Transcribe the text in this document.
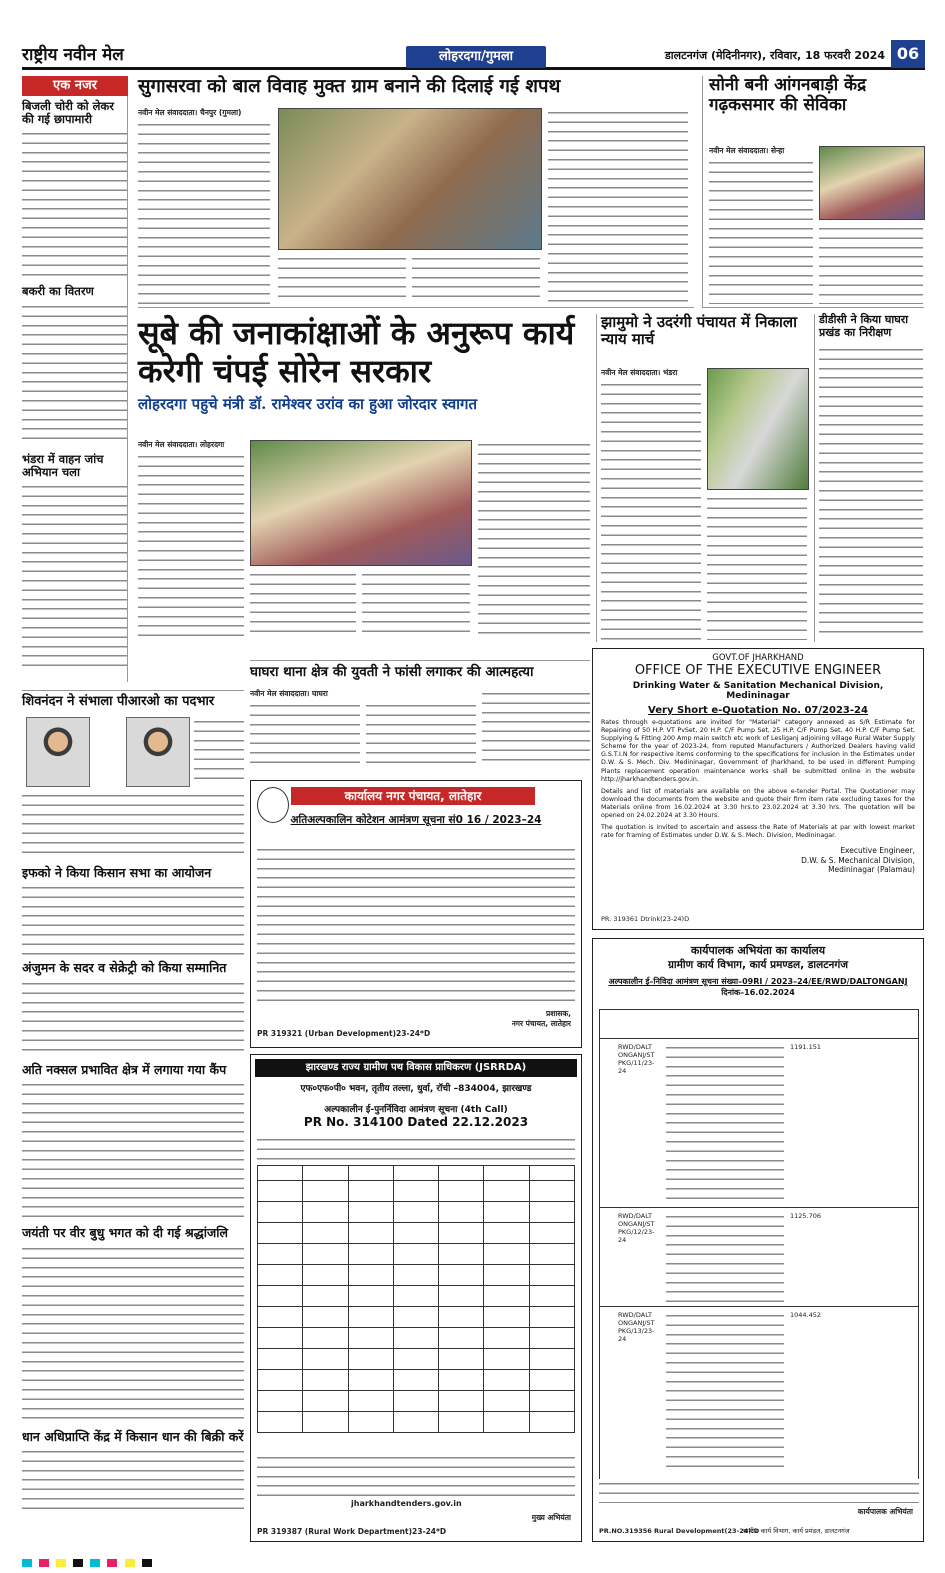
राष्ट्रीय नवीन मेल	लोहरदगा/गुमला	डालटनगंज (मेदिनीनगर), रविवार, 18 फरवरी 2024 06
एक नजर
बिजली चोरी को लेकर की गई छापामारी
बकरी का वितरण
भंडरा में वाहन जांच अभियान चला
सुगासरवा को बाल विवाह मुक्त ग्राम बनाने की दिलाई गई शपथ
नवीन मेल संवाददाता। चैनपुर (गुमला)
सोनी बनी आंगनबाड़ी केंद्र गढ़कसमार की सेविका
नवीन मेल संवाददाता। सेन्हा
सूबे की जनाकांक्षाओं के अनुरूप कार्य करेगी चंपई सोरेन सरकार
लोहरदगा पहुचे मंत्री डॉ. रामेश्वर उरांव का हुआ जोरदार स्वागत
नवीन मेल संवाददाता। लोहरदगा
झामुमो ने उदरंगी पंचायत में निकाला न्याय मार्च
नवीन मेल संवाददाता। भंडरा
डीडीसी ने किया घाघरा प्रखंड का निरीक्षण
घाघरा थाना क्षेत्र की युवती ने फांसी लगाकर की आत्महत्या
नवीन मेल संवाददाता। घाघरा
शिवनंदन ने संभाला पीआरओ का पदभार
इफको ने किया किसान सभा का आयोजन
अंजुमन के सदर व सेक्रेट्री को किया सम्मानित
अति नक्सल प्रभावित क्षेत्र में लगाया गया कैंप
जयंती पर वीर बुधु भगत को दी गई श्रद्धांजलि
धान अधिप्राप्ति केंद्र में किसान धान की बिक्री करें
कार्यालय नगर पंचायत, लातेहार
अतिअल्पकालिन कोटेशन आमंत्रण सूचना सं0 16 / 2023–24
प्रशासक,
नगर पंचायत, लातेहार
PR 319321 (Urban Development)23-24*D
झारखण्ड राज्य ग्रामीण पथ विकास प्राधिकरण (JSRRDA)
एफ०एफ०पी० भवन, तृतीय तल्ला, धुर्वा, रॉची –834004, झारखण्ड
अल्पकालीन ई-पुनर्निविदा आमंत्रण सूचना (4th Call)
PR No. 314100 Dated 22.12.2023

jharkhandtenders.gov.in
मुख्य अभियंता
PR 319387 (Rural Work Department)23-24*D
GOVT.OF JHARKHAND
OFFICE OF THE EXECUTIVE ENGINEER
Drinking Water & Sanitation Mechanical Division, Medininagar
Very Short e-Quotation No. 07/2023-24
Rates through e-quotations are invited for "Material" category annexed as S/R Estimate for Repairing of 50 H.P. VT PvSet, 20 H.P. C/F Pump Set, 25 H.P. C/F Pump Set, 40 H.P. C/F Pump Set, Supplying & Fitting 200 Amp main switch etc work of Lesliganj adjoining village Rural Water Supply Scheme for the year of 2023-24, from reputed Manufacturers / Authorized Dealers having valid G.S.T.I.N for respective items conforming to the specifications for inclusion in the Estimates under D.W. & S. Mech. Div. Medininagar, Government of Jharkhand, to be used in different Pumping Plants replacement operation maintenance works shall be submitted online in the website http://jharkhandtenders.gov.in.
Details and list of materials are available on the above e-tender Portal. The Quotationer may download the documents from the website and quote their firm item rate excluding taxes for the Materials online from 16.02.2024 at 3.30 hrs.to 23.02.2024 at 3.30 hrs. The quotation will be opened on 24.02.2024 at 3.30 Hours.
The quotation is invited to ascertain and assess the Rate of Materials at par with lowest market rate for framing of Estimates under D.W. & S. Mech. Division, Medininagar.
Executive Engineer,
D.W. & S. Mechanical Division,
Medininagar (Palamau)
PR. 319361 Dtrink(23-24)D
कार्यपालक अभियंता का कार्यालय
ग्रामीण कार्य विभाग, कार्य प्रमण्डल, डालटनगंज
अल्पकालीन ई–निविदा आमंत्रण सूचना संख्या–09RI / 2023–24/EE/RWD/DALTONGANJ
दिनांक–16.02.2024
RWD/DALT ONGANJ/ST PKG/11/23-24
1191.151
RWD/DALT ONGANJ/ST PKG/12/23-24
1125.706
RWD/DALT ONGANJ/ST PKG/13/23-24
1044.452
कार्यपालक अभियंता
ग्रामीण कार्य विभाग, कार्य प्रमंडल, डालटनगंज
PR.NO.319356 Rural Development(23-24):D
